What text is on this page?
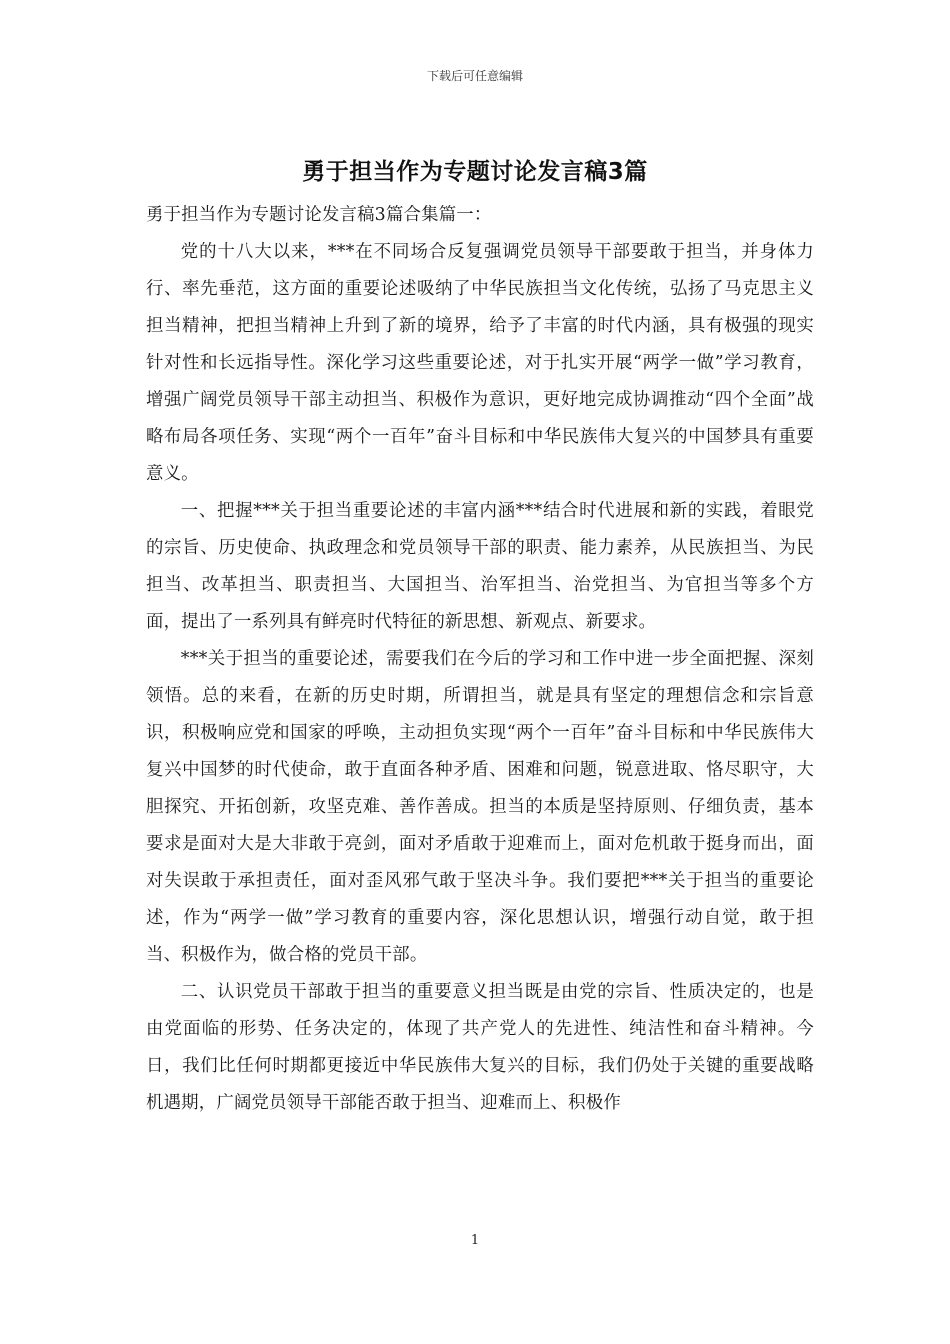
下载后可任意编辑
勇于担当作为专题讨论发言稿3篇

勇于担当作为专题讨论发言稿3篇合集篇一：

党的十八大以来，***在不同场合反复强调党员领导干部要敢于担当，并身体力行、率先垂范，这方面的重要论述吸纳了中华民族担当文化传统，弘扬了马克思主义担当精神，把担当精神上升到了新的境界，给予了丰富的时代内涵，具有极强的现实针对性和长远指导性。深化学习这些重要论述，对于扎实开展“两学一做”学习教育，增强广阔党员领导干部主动担当、积极作为意识，更好地完成协调推动“四个全面”战略布局各项任务、实现“两个一百年”奋斗目标和中华民族伟大复兴的中国梦具有重要意义。

一、把握***关于担当重要论述的丰富内涵***结合时代进展和新的实践，着眼党的宗旨、历史使命、执政理念和党员领导干部的职责、能力素养，从民族担当、为民担当、改革担当、职责担当、大国担当、治军担当、治党担当、为官担当等多个方面，提出了一系列具有鲜亮时代特征的新思想、新观点、新要求。

***关于担当的重要论述，需要我们在今后的学习和工作中进一步全面把握、深刻领悟。总的来看，在新的历史时期，所谓担当，就是具有坚定的理想信念和宗旨意识，积极响应党和国家的呼唤，主动担负实现“两个一百年”奋斗目标和中华民族伟大复兴中国梦的时代使命，敢于直面各种矛盾、困难和问题，锐意进取、恪尽职守，大胆探究、开拓创新，攻坚克难、善作善成。担当的本质是坚持原则、仔细负责，基本要求是面对大是大非敢于亮剑，面对矛盾敢于迎难而上，面对危机敢于挺身而出，面对失误敢于承担责任，面对歪风邪气敢于坚决斗争。我们要把***关于担当的重要论述，作为“两学一做”学习教育的重要内容，深化思想认识，增强行动自觉，敢于担当、积极作为，做合格的党员干部。

二、认识党员干部敢于担当的重要意义担当既是由党的宗旨、性质决定的，也是由党面临的形势、任务决定的，体现了共产党人的先进性、纯洁性和奋斗精神。今日，我们比任何时期都更接近中华民族伟大复兴的目标，我们仍处于关键的重要战略机遇期，广阔党员领导干部能否敢于担当、迎难而上、积极作

1
